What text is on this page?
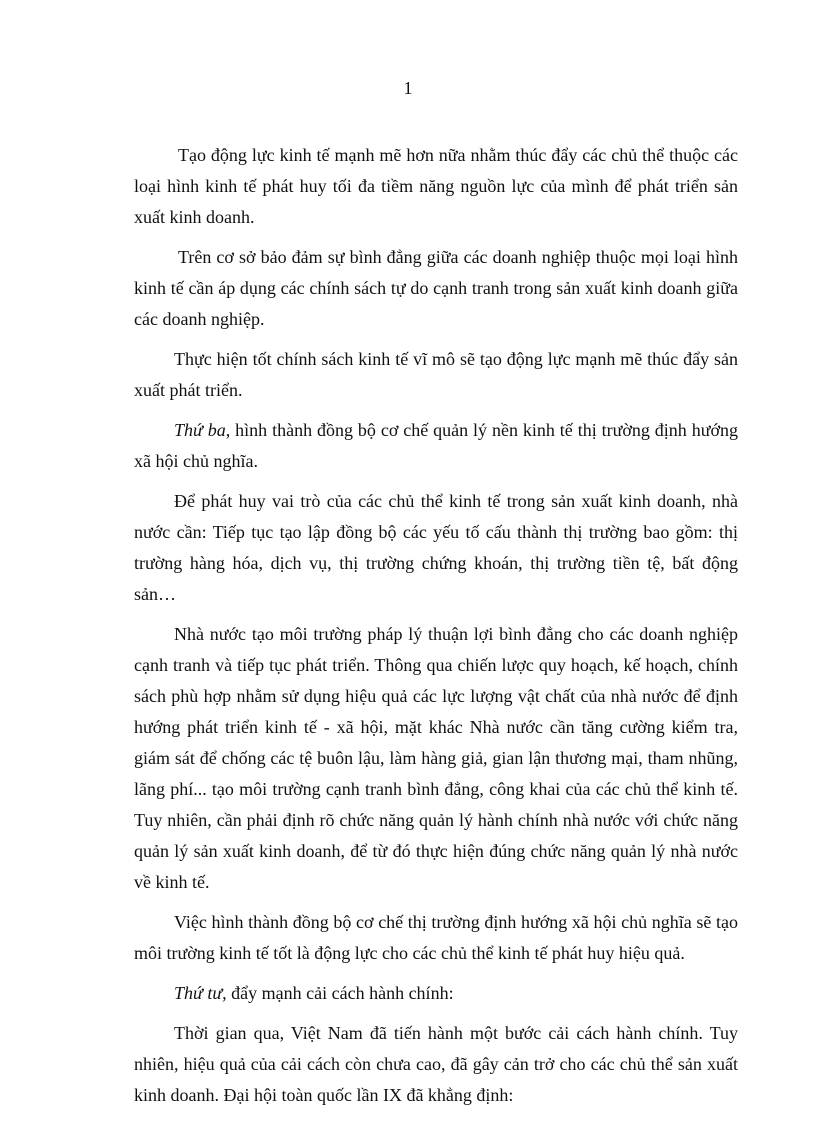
1

Tạo động lực kinh tế mạnh mẽ hơn nữa nhằm thúc đẩy các chủ thể thuộc các loại hình kinh tế phát huy tối đa tiềm năng nguồn lực của mình để phát triển sản xuất kinh doanh.

Trên cơ sở bảo đảm sự bình đẳng giữa các doanh nghiệp thuộc mọi loại hình kinh tế cần áp dụng các chính sách tự do cạnh tranh trong sản xuất kinh doanh giữa các doanh nghiệp.

Thực hiện tốt chính sách kinh tế vĩ mô sẽ tạo động lực mạnh mẽ thúc đẩy sản xuất phát triển.

Thứ ba, hình thành đồng bộ cơ chế quản lý nền kinh tế thị trường định hướng xã hội chủ nghĩa.

Để phát huy vai trò của các chủ thể kinh tế trong sản xuất kinh doanh, nhà nước cần: Tiếp tục tạo lập đồng bộ các yếu tố cấu thành thị trường bao gồm: thị trường hàng hóa, dịch vụ, thị trường chứng khoán, thị trường tiền tệ, bất động sản…

Nhà nước tạo môi trường pháp lý thuận lợi bình đẳng cho các doanh nghiệp cạnh tranh và tiếp tục phát triển. Thông qua chiến lược quy hoạch, kế hoạch, chính sách phù hợp nhằm sử dụng hiệu quả các lực lượng vật chất của nhà nước để định hướng phát triển kinh tế - xã hội, mặt khác Nhà nước cần tăng cường kiểm tra, giám sát để chống các tệ buôn lậu, làm hàng giả, gian lận thương mại, tham nhũng, lãng phí... tạo môi trường cạnh tranh bình đẳng, công khai của các chủ thể kinh tế. Tuy nhiên, cần phải định rõ chức năng quản lý hành chính nhà nước với chức năng quản lý sản xuất kinh doanh, để từ đó thực hiện đúng chức năng quản lý nhà nước về kinh tế.

Việc hình thành đồng bộ cơ chế thị trường định hướng xã hội chủ nghĩa sẽ tạo môi trường kinh tế tốt là động lực cho các chủ thể kinh tế phát huy hiệu quả.

Thứ tư, đẩy mạnh cải cách hành chính:

Thời gian qua, Việt Nam đã tiến hành một bước cải cách hành chính. Tuy nhiên, hiệu quả của cải cách còn chưa cao, đã gây cản trở cho các chủ thể sản xuất kinh doanh. Đại hội toàn quốc lần IX đã khẳng định:
